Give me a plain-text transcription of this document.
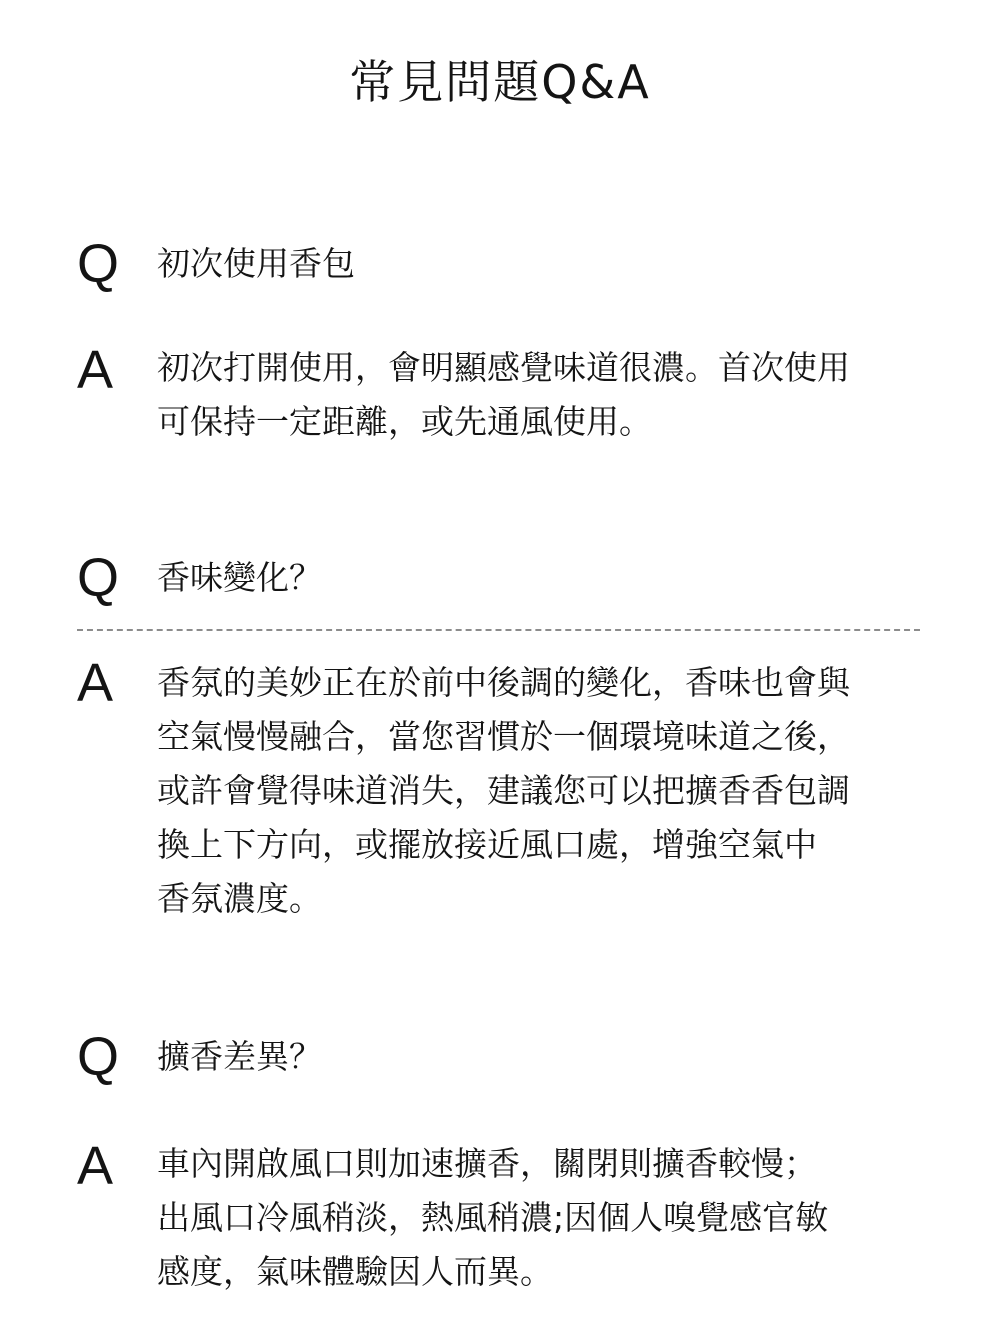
常見問題Q&A
Q 初次使用香包
A 初次打開使用，會明顯感覺味道很濃。首次使用
可保持一定距離，或先通風使用。
Q 香味變化？
A 香氛的美妙正在於前中後調的變化，香味也會與
空氣慢慢融合，當您習慣於一個環境味道之後，
或許會覺得味道消失，建議您可以把擴香香包調
換上下方向，或擺放接近風口處，增強空氣中
香氛濃度。
Q 擴香差異？
A 車內開啟風口則加速擴香，關閉則擴香較慢；
出風口冷風稍淡，熱風稍濃;因個人嗅覺感官敏
感度，氣味體驗因人而異。
